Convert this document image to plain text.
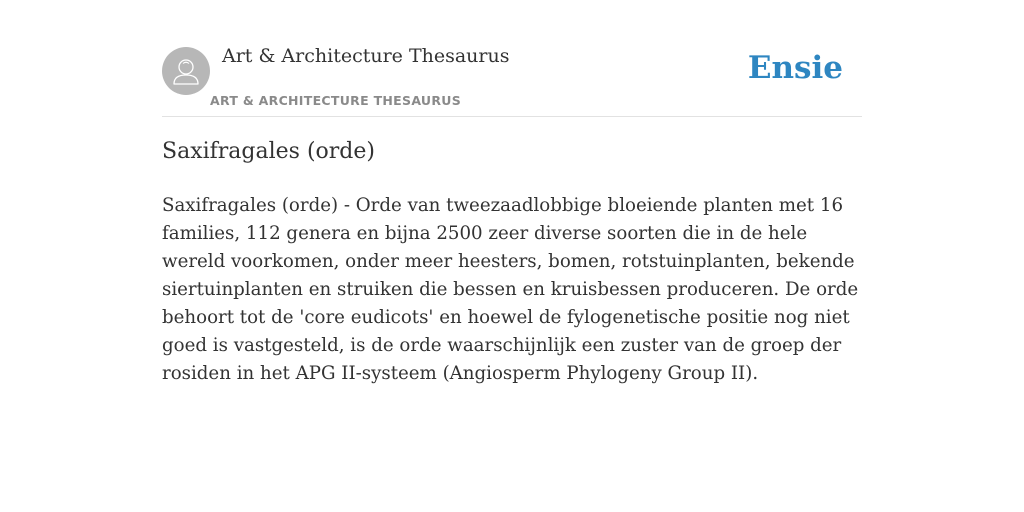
Art & Architecture Thesaurus
ART & ARCHITECTURE THESAURUS
Ensie
Saxifragales (orde)

Saxifragales (orde) - Orde van tweezaadlobbige bloeiende planten met 16 families, 112 genera en bijna 2500 zeer diverse soorten die in de hele wereld voorkomen, onder meer heesters, bomen, rotstuinplanten, bekende siertuinplanten en struiken die bessen en kruisbessen produceren. De orde behoort tot de 'core eudicots' en hoewel de fylogenetische positie nog niet goed is vastgesteld, is de orde waarschijnlijk een zuster van de groep der rosiden in het APG II-systeem (Angiosperm Phylogeny Group II).
